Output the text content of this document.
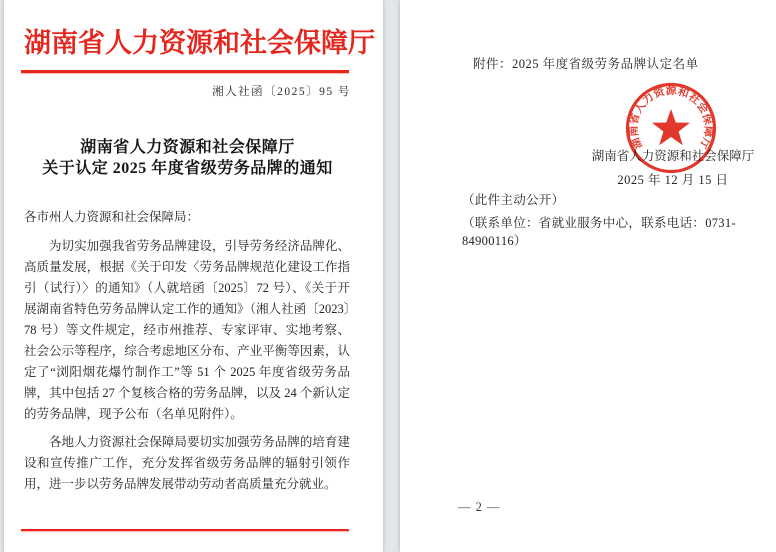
湖南省人力资源和社会保障厅
湘人社函〔2025〕95 号
湖南省人力资源和社会保障厅
关于认定 2025 年度省级劳务品牌的通知
各市州人力资源和社会保障局：

为切实加强我省劳务品牌建设，引导劳务经济品牌化、高质量发展，根据《关于印发〈劳务品牌规范化建设工作指引（试行）〉的通知》（人就培函〔2025〕72 号）、《关于开展湖南省特色劳务品牌认定工作的通知》（湘人社函〔2023〕78 号）等文件规定，经市州推荐、专家评审、实地考察、社会公示等程序，综合考虑地区分布、产业平衡等因素，认定了“浏阳烟花爆竹制作工”等 51 个 2025 年度省级劳务品牌，其中包括 27 个复核合格的劳务品牌，以及 24 个新认定的劳务品牌，现予公布（名单见附件）。

各地人力资源社会保障局要切实加强劳务品牌的培育建设和宣传推广工作，充分发挥省级劳务品牌的辐射引领作用，进一步以劳务品牌发展带动劳动者高质量充分就业。

附件：2025 年度省级劳务品牌认定名单
湖南省人力资源和社会保障厅
2025 年 12 月 15 日
湖南省人力资源和社会保障厅
（此件主动公开）
（联系单位：省就业服务中心，联系电话：0731-84900116）
— 2 —
